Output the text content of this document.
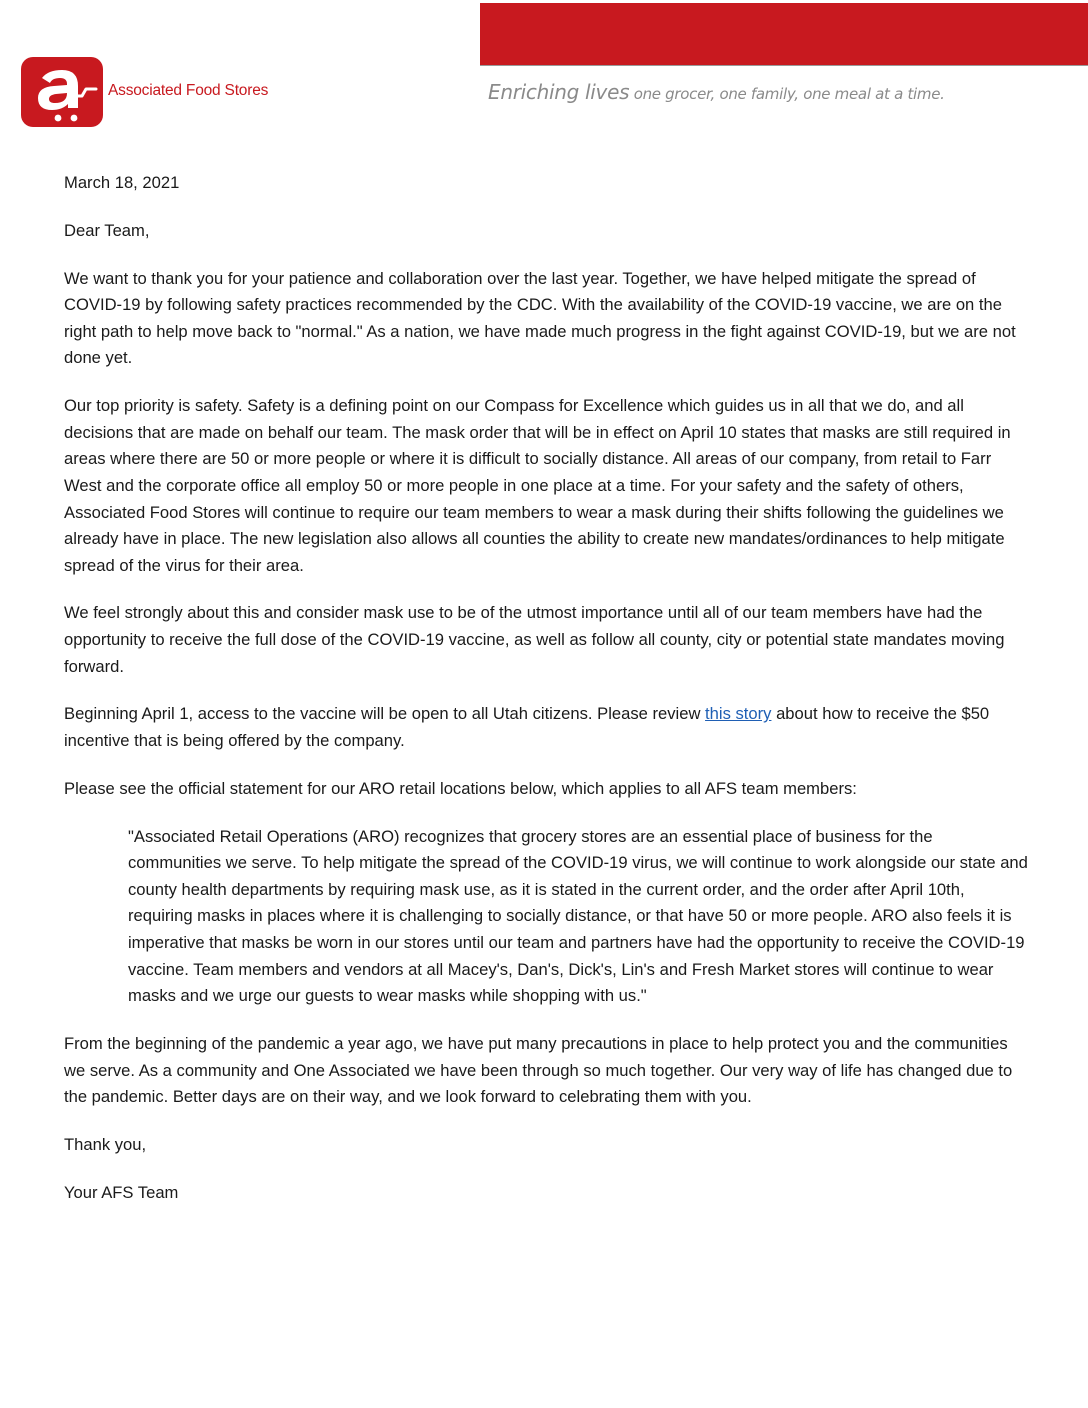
Associated Food Stores	Enriching lives one grocer, one family, one meal at a time.

March 18, 2021

Dear Team,

We want to thank you for your patience and collaboration over the last year. Together, we have helped mitigate the spread of COVID-19 by following safety practices recommended by the CDC. With the availability of the COVID-19 vaccine, we are on the right path to help move back to "normal." As a nation, we have made much progress in the fight against COVID-19, but we are not done yet.

Our top priority is safety. Safety is a defining point on our Compass for Excellence which guides us in all that we do, and all decisions that are made on behalf our team. The mask order that will be in effect on April 10 states that masks are still required in areas where there are 50 or more people or where it is difficult to socially distance. All areas of our company, from retail to Farr West and the corporate office all employ 50 or more people in one place at a time. For your safety and the safety of others, Associated Food Stores will continue to require our team members to wear a mask during their shifts following the guidelines we already have in place. The new legislation also allows all counties the ability to create new mandates/ordinances to help mitigate spread of the virus for their area.

We feel strongly about this and consider mask use to be of the utmost importance until all of our team members have had the opportunity to receive the full dose of the COVID-19 vaccine, as well as follow all county, city or potential state mandates moving forward.

Beginning April 1, access to the vaccine will be open to all Utah citizens. Please review this story about how to receive the $50 incentive that is being offered by the company.

Please see the official statement for our ARO retail locations below, which applies to all AFS team members:

"Associated Retail Operations (ARO) recognizes that grocery stores are an essential place of business for the communities we serve. To help mitigate the spread of the COVID-19 virus, we will continue to work alongside our state and county health departments by requiring mask use, as it is stated in the current order, and the order after April 10th, requiring masks in places where it is challenging to socially distance, or that have 50 or more people. ARO also feels it is imperative that masks be worn in our stores until our team and partners have had the opportunity to receive the COVID-19 vaccine. Team members and vendors at all Macey's, Dan's, Dick's, Lin's and Fresh Market stores will continue to wear masks and we urge our guests to wear masks while shopping with us."

From the beginning of the pandemic a year ago, we have put many precautions in place to help protect you and the communities we serve. As a community and One Associated we have been through so much together. Our very way of life has changed due to the pandemic. Better days are on their way, and we look forward to celebrating them with you.

Thank you,

Your AFS Team
